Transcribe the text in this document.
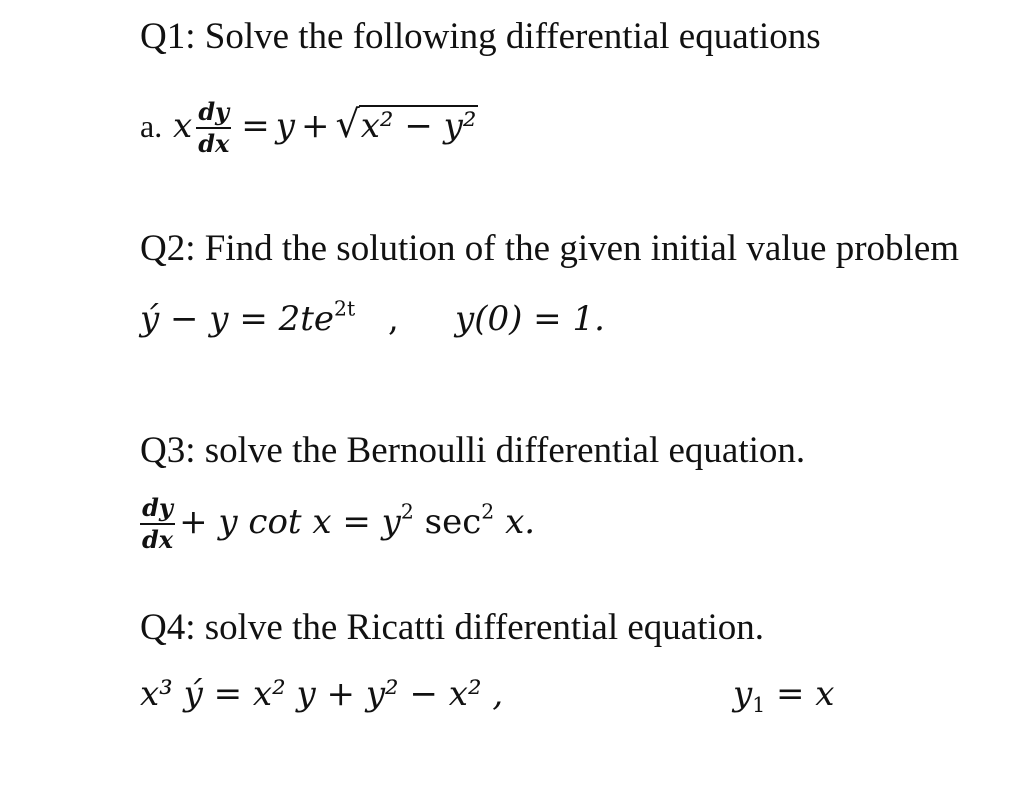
Q1: Solve the following differential equations
a. x $\frac{dy}{dx} = y$ + √ x² − y²
Q2: Find the solution of the given initial value problem
ý − $y = 2te^{2t}$ , y(0) = 1.
Q3: solve the Bernoulli differential equation.
$\frac{dy}{dx} + y$ $\cot x = y^2$ $\sec^2 x$.
Q4: solve the Ricatti differential equation.
x³ ý = x² y + y² − x² ,	$y_1 = x$
